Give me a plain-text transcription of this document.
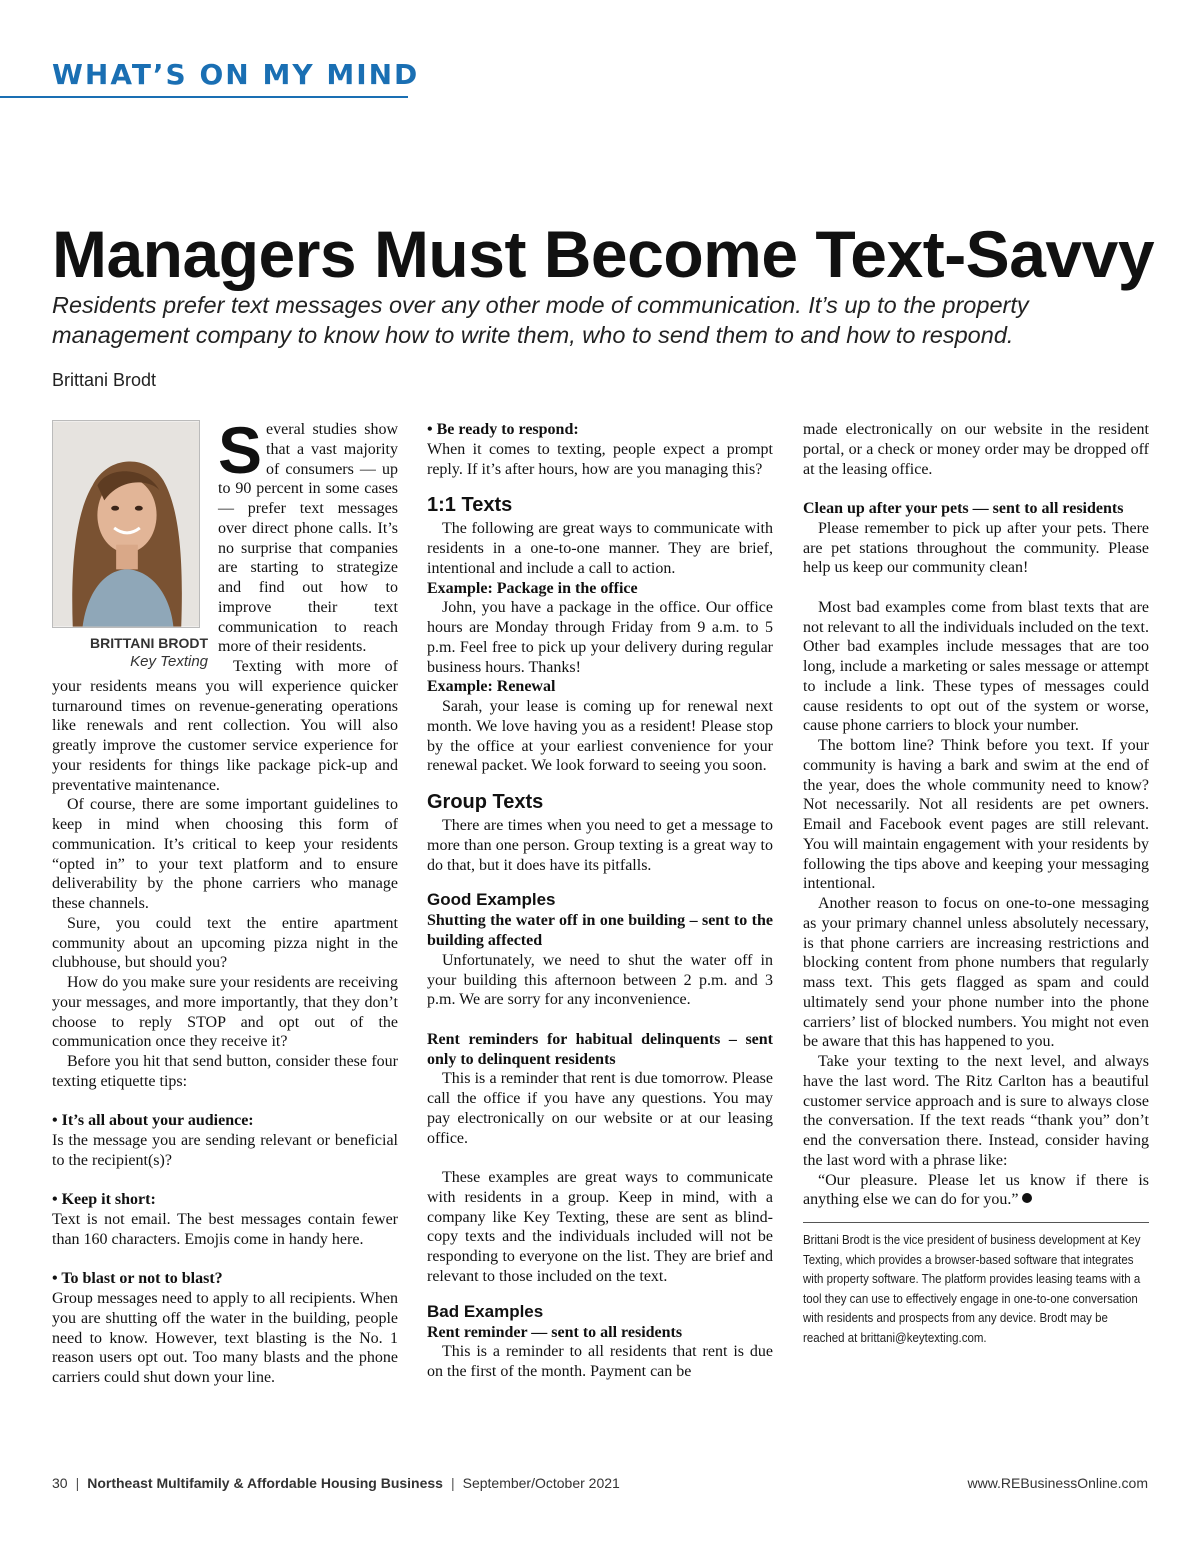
WHAT’S ON MY MIND
Managers Must Become Text-Savvy

Residents prefer text messages over any other mode of communication. It’s up to the property management company to know how to write them, who to send them to and how to respond.

Brittani Brodt

BRITTANI BRODT
Key Texting

Several studies show that a vast majority of consumers — up to 90 percent in some cases — prefer text messages over direct phone calls. It’s no surprise that companies are starting to strategize and find out how to improve their text communication to reach more of their residents.

Texting with more of your residents means you will experience quicker turnaround times on revenue-generating operations like renewals and rent collection. You will also greatly improve the customer service experience for your residents for things like package pick-up and preventative maintenance.

Of course, there are some important guidelines to keep in mind when choosing this form of communication. It’s critical to keep your residents “opted in” to your text platform and to ensure deliverability by the phone carriers who manage these channels.

Sure, you could text the entire apartment community about an upcoming pizza night in the clubhouse, but should you?

How do you make sure your residents are receiving your messages, and more importantly, that they don’t choose to reply STOP and opt out of the communication once they receive it?

Before you hit that send button, consider these four texting etiquette tips:

• It’s all about your audience:

Is the message you are sending relevant or beneficial to the recipient(s)?

• Keep it short:

Text is not email. The best messages contain fewer than 160 characters. Emojis come in handy here.

• To blast or not to blast?

Group messages need to apply to all recipients. When you are shutting off the water in the building, people need to know. However, text blasting is the No. 1 reason users opt out. Too many blasts and the phone carriers could shut down your line.

• Be ready to respond:

When it comes to texting, people expect a prompt reply. If it’s after hours, how are you managing this?

1:1 Texts

The following are great ways to communicate with residents in a one-to-one manner. They are brief, intentional and include a call to action.

Example: Package in the office

John, you have a package in the office. Our office hours are Monday through Friday from 9 a.m. to 5 p.m. Feel free to pick up your delivery during regular business hours. Thanks!

Example: Renewal

Sarah, your lease is coming up for renewal next month. We love having you as a resident! Please stop by the office at your earliest convenience for your renewal packet. We look forward to seeing you soon.

Group Texts

There are times when you need to get a message to more than one person. Group texting is a great way to do that, but it does have its pitfalls.

Good Examples

Shutting the water off in one building – sent to the building affected

Unfortunately, we need to shut the water off in your building this afternoon between 2 p.m. and 3 p.m. We are sorry for any inconvenience.

Rent reminders for habitual delinquents – sent only to delinquent residents

This is a reminder that rent is due tomorrow. Please call the office if you have any questions. You may pay electronically on our website or at our leasing office.

These examples are great ways to communicate with residents in a group. Keep in mind, with a company like Key Texting, these are sent as blind-copy texts and the individuals included will not be responding to everyone on the list. They are brief and relevant to those included on the text.

Bad Examples

Rent reminder — sent to all residents

This is a reminder to all residents that rent is due on the first of the month. Payment can be

made electronically on our website in the resident portal, or a check or money order may be dropped off at the leasing office.

Clean up after your pets — sent to all residents

Please remember to pick up after your pets. There are pet stations throughout the community. Please help us keep our community clean!

Most bad examples come from blast texts that are not relevant to all the individuals included on the text. Other bad examples include messages that are too long, include a marketing or sales message or attempt to include a link. These types of messages could cause residents to opt out of the system or worse, cause phone carriers to block your number.

The bottom line? Think before you text. If your community is having a bark and swim at the end of the year, does the whole community need to know? Not necessarily. Not all residents are pet owners. Email and Facebook event pages are still relevant. You will maintain engagement with your residents by following the tips above and keeping your messaging intentional.

Another reason to focus on one-to-one messaging as your primary channel unless absolutely necessary, is that phone carriers are increasing restrictions and blocking content from phone numbers that regularly mass text. This gets flagged as spam and could ultimately send your phone number into the phone carriers’ list of blocked numbers. You might not even be aware that this has happened to you.

Take your texting to the next level, and always have the last word. The Ritz Carlton has a beautiful customer service approach and is sure to always close the conversation. If the text reads “thank you” don’t end the conversation there. Instead, consider having the last word with a phrase like:

“Our pleasure. Please let us know if there is anything else we can do for you.”

Brittani Brodt is the vice president of business development at Key Texting, which provides a browser-based software that integrates with property software. The platform provides leasing teams with a tool they can use to effectively engage in one-to-one conversation with residents and prospects from any device. Brodt may be reached at brittani@keytexting.com.
30 | Northeast Multifamily & Affordable Housing Business | September/October 2021	www.REBusinessOnline.com
